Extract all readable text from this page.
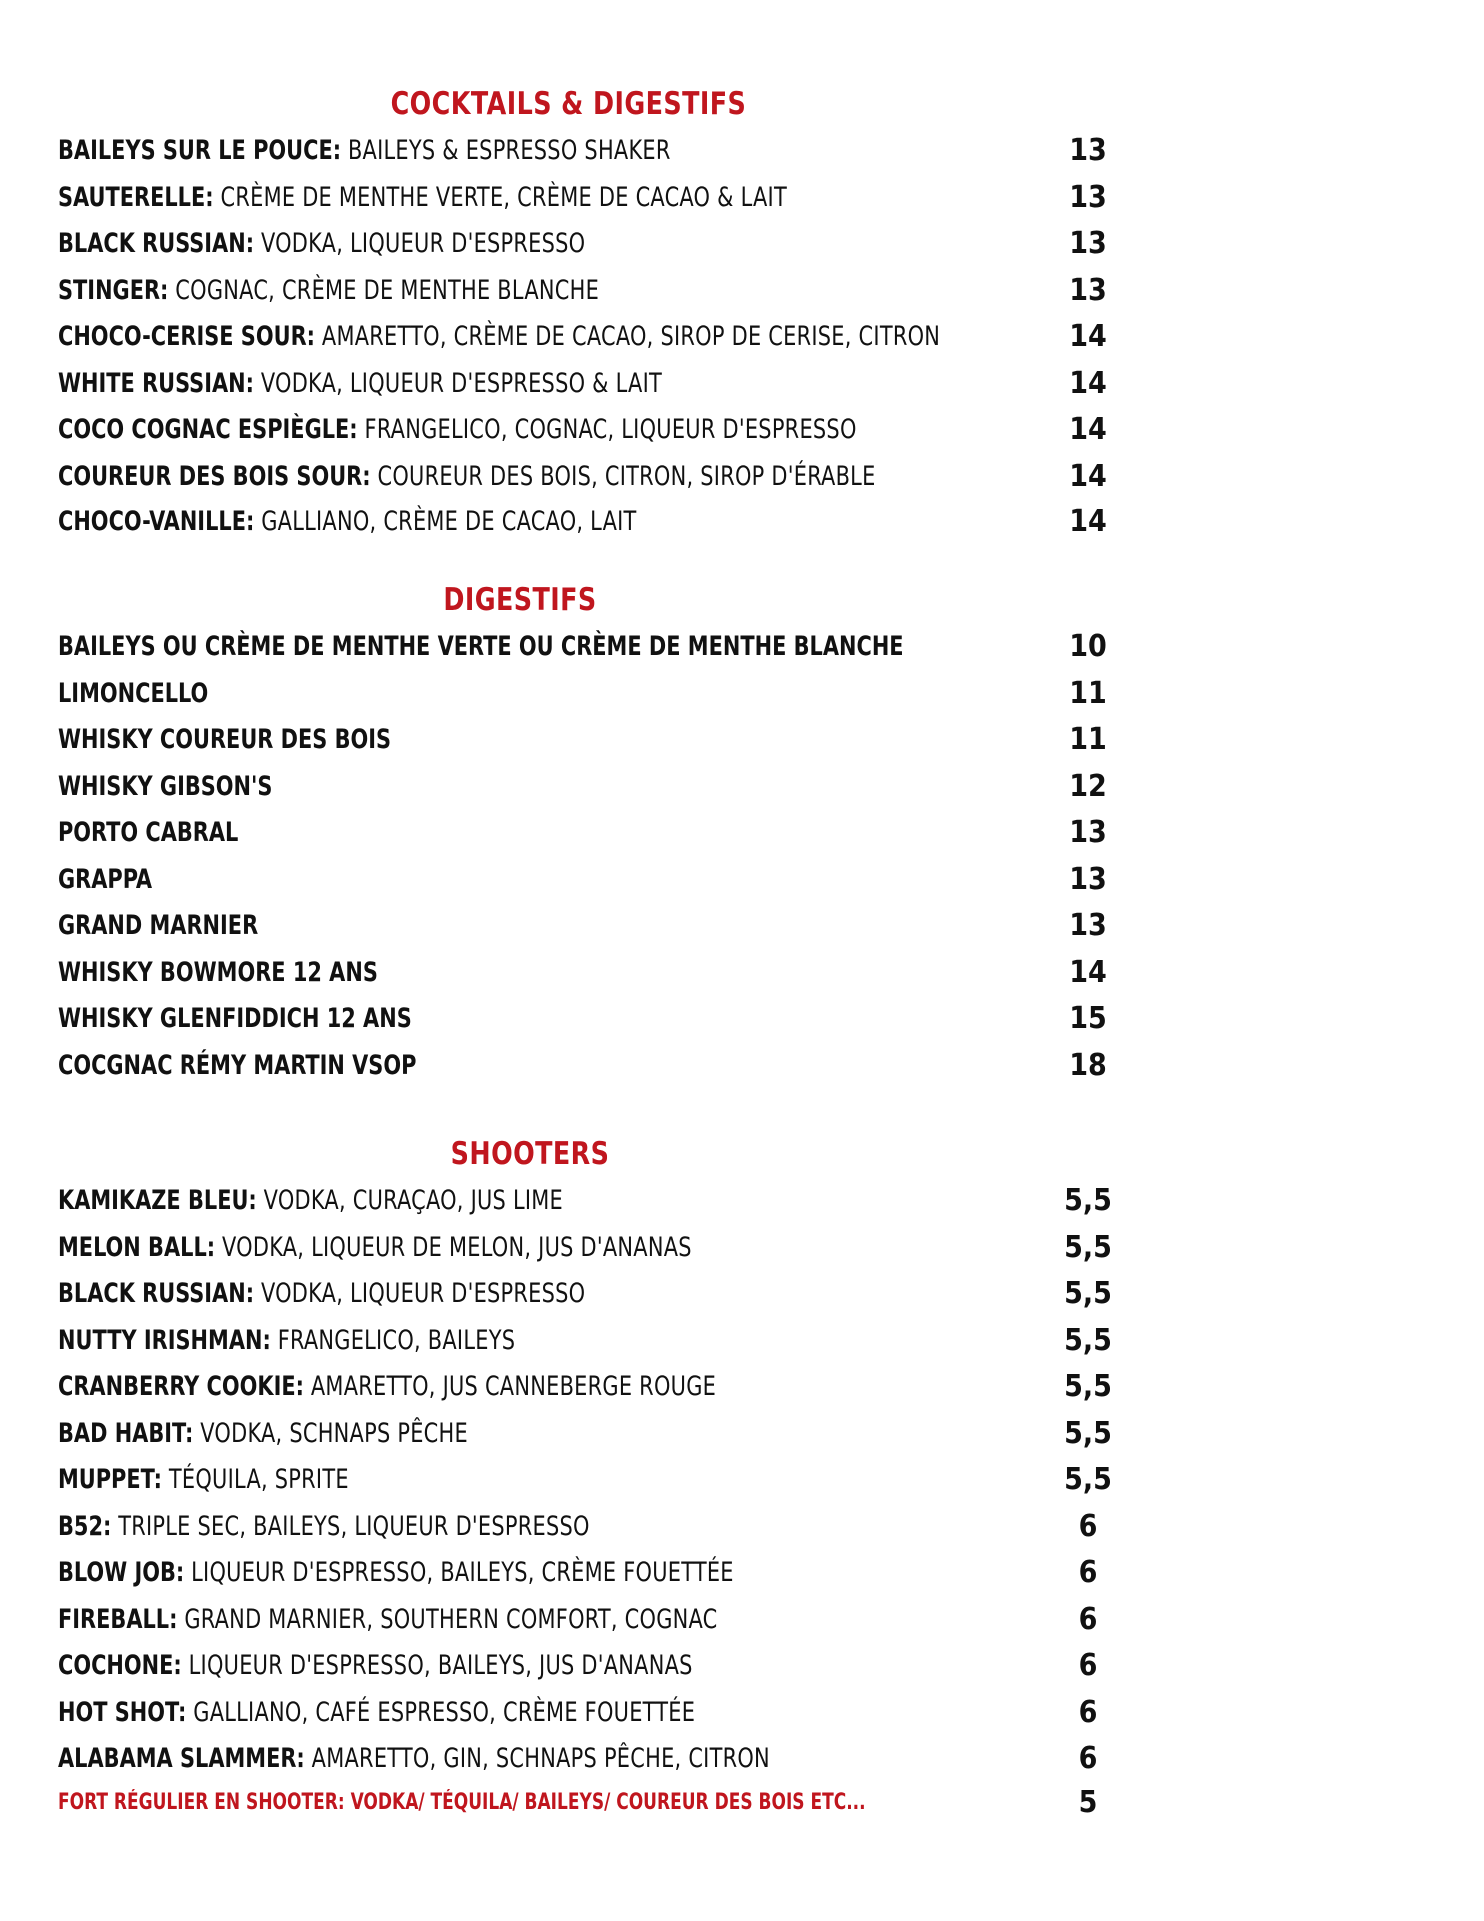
COCKTAILS & DIGESTIFS
BAILEYS SUR LE POUCE: BAILEYS & ESPRESSO SHAKER	13
SAUTERELLE: CRÈME DE MENTHE VERTE, CRÈME DE CACAO & LAIT	13
BLACK RUSSIAN: VODKA, LIQUEUR D'ESPRESSO	13
STINGER: COGNAC, CRÈME DE MENTHE BLANCHE	13
CHOCO-CERISE SOUR: AMARETTO, CRÈME DE CACAO, SIROP DE CERISE, CITRON	14
WHITE RUSSIAN: VODKA, LIQUEUR D'ESPRESSO & LAIT	14
COCO COGNAC ESPIÈGLE: FRANGELICO, COGNAC, LIQUEUR D'ESPRESSO	14
COUREUR DES BOIS SOUR: COUREUR DES BOIS, CITRON, SIROP D'ÉRABLE	14
CHOCO-VANILLE: GALLIANO, CRÈME DE CACAO, LAIT	14
DIGESTIFS
BAILEYS OU CRÈME DE MENTHE VERTE OU CRÈME DE MENTHE BLANCHE	10
LIMONCELLO	11
WHISKY COUREUR DES BOIS	11
WHISKY GIBSON'S	12
PORTO CABRAL	13
GRAPPA	13
GRAND MARNIER	13
WHISKY BOWMORE 12 ANS	14
WHISKY GLENFIDDICH 12 ANS	15
COCGNAC RÉMY MARTIN VSOP	18
SHOOTERS
KAMIKAZE BLEU: VODKA, CURAÇAO, JUS LIME	5,5
MELON BALL: VODKA, LIQUEUR DE MELON, JUS D'ANANAS	5,5
BLACK RUSSIAN: VODKA, LIQUEUR D'ESPRESSO	5,5
NUTTY IRISHMAN: FRANGELICO, BAILEYS	5,5
CRANBERRY COOKIE: AMARETTO, JUS CANNEBERGE ROUGE	5,5
BAD HABIT: VODKA, SCHNAPS PÊCHE	5,5
MUPPET: TÉQUILA, SPRITE	5,5
B52: TRIPLE SEC, BAILEYS, LIQUEUR D'ESPRESSO	6
BLOW JOB: LIQUEUR D'ESPRESSO, BAILEYS, CRÈME FOUETTÉE	6
FIREBALL: GRAND MARNIER, SOUTHERN COMFORT, COGNAC	6
COCHONE: LIQUEUR D'ESPRESSO, BAILEYS, JUS D'ANANAS	6
HOT SHOT: GALLIANO, CAFÉ ESPRESSO, CRÈME FOUETTÉE	6
ALABAMA SLAMMER: AMARETTO, GIN, SCHNAPS PÊCHE, CITRON	6
FORT RÉGULIER EN SHOOTER: VODKA/ TÉQUILA/ BAILEYS/ COUREUR DES BOIS ETC...	5
